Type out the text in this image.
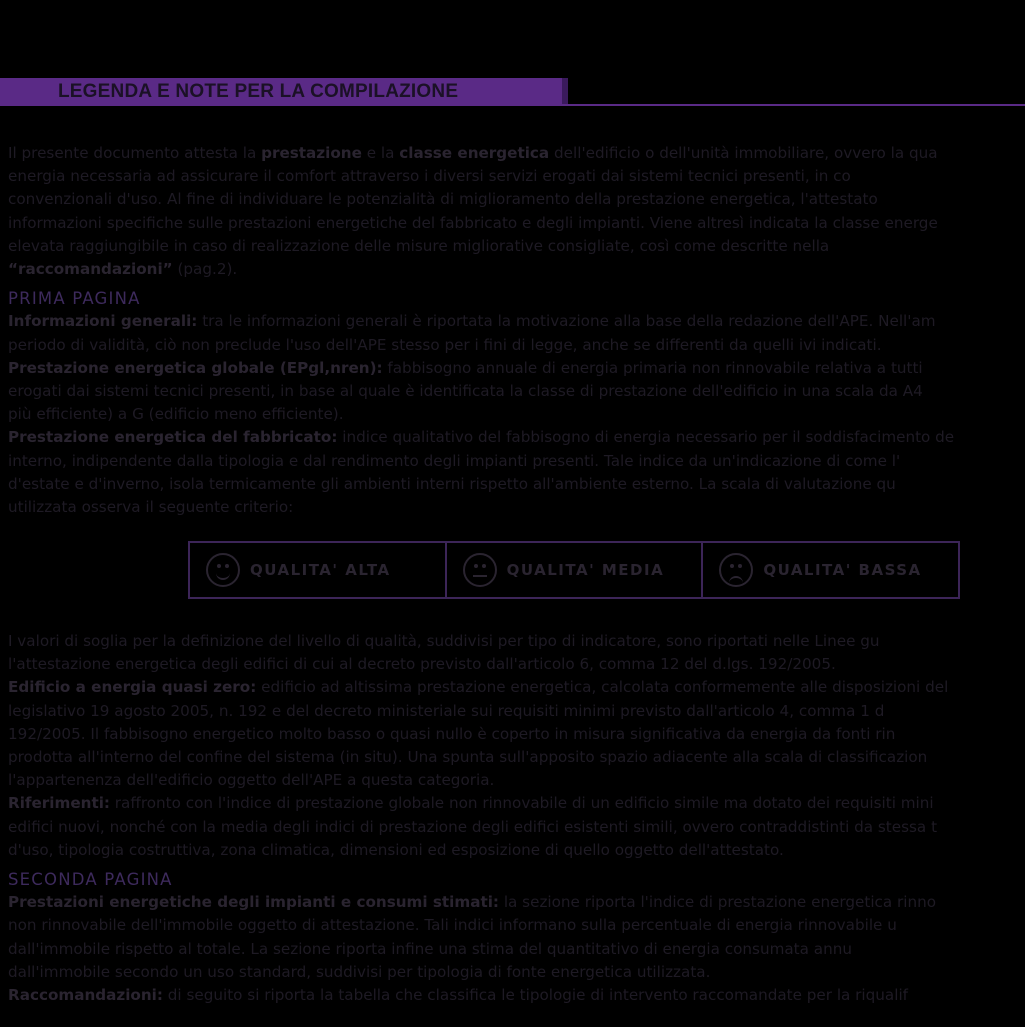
LEGENDA E NOTE PER LA COMPILAZIONE

Il presente documento attesta la prestazione e la classe energetica dell'edificio o dell'unità immobiliare, ovvero la qua

energia necessaria ad assicurare il comfort attraverso i diversi servizi erogati dai sistemi tecnici presenti, in co

convenzionali d'uso. Al fine di individuare le potenzialità di miglioramento della prestazione energetica, l'attestato

informazioni specifiche sulle prestazioni energetiche del fabbricato e degli impianti. Viene altresì indicata la classe energe

elevata raggiungibile in caso di realizzazione delle misure migliorative consigliate, così come descritte nella

“raccomandazioni” (pag.2).

PRIMA PAGINA

Informazioni generali: tra le informazioni generali è riportata la motivazione alla base della redazione dell'APE. Nell'am

periodo di validità, ciò non preclude l'uso dell'APE stesso per i fini di legge, anche se differenti da quelli ivi indicati.

Prestazione energetica globale (EPgl,nren): fabbisogno annuale di energia primaria non rinnovabile relativa a tutti

erogati dai sistemi tecnici presenti, in base al quale è identificata la classe di prestazione dell'edificio in una scala da A4

più efficiente) a G (edificio meno efficiente).

Prestazione energetica del fabbricato: indice qualitativo del fabbisogno di energia necessario per il soddisfacimento de

interno, indipendente dalla tipologia e dal rendimento degli impianti presenti. Tale indice da un'indicazione di come l'

d'estate e d'inverno, isola termicamente gli ambienti interni rispetto all'ambiente esterno. La scala di valutazione qu

utilizzata osserva il seguente criterio:

QUALITA' ALTA	QUALITA' MEDIA	QUALITA' BASSA

I valori di soglia per la definizione del livello di qualità, suddivisi per tipo di indicatore, sono riportati nelle Linee gu

l'attestazione energetica degli edifici di cui al decreto previsto dall'articolo 6, comma 12 del d.lgs. 192/2005.

Edificio a energia quasi zero: edificio ad altissima prestazione energetica, calcolata conformemente alle disposizioni del

legislativo 19 agosto 2005, n. 192 e del decreto ministeriale sui requisiti minimi previsto dall'articolo 4, comma 1 d

192/2005. Il fabbisogno energetico molto basso o quasi nullo è coperto in misura significativa da energia da fonti rin

prodotta all'interno del confine del sistema (in situ). Una spunta sull'apposito spazio adiacente alla scala di classificazion

l'appartenenza dell'edificio oggetto dell'APE a questa categoria.

Riferimenti: raffronto con l'indice di prestazione globale non rinnovabile di un edificio simile ma dotato dei requisiti mini

edifici nuovi, nonché con la media degli indici di prestazione degli edifici esistenti simili, ovvero contraddistinti da stessa t

d'uso, tipologia costruttiva, zona climatica, dimensioni ed esposizione di quello oggetto dell'attestato.

SECONDA PAGINA

Prestazioni energetiche degli impianti e consumi stimati: la sezione riporta l'indice di prestazione energetica rinno

non rinnovabile dell'immobile oggetto di attestazione. Tali indici informano sulla percentuale di energia rinnovabile u

dall'immobile rispetto al totale. La sezione riporta infine una stima del quantitativo di energia consumata annu

dall'immobile secondo un uso standard, suddivisi per tipologia di fonte energetica utilizzata.

Raccomandazioni: di seguito si riporta la tabella che classifica le tipologie di intervento raccomandate per la riqualif
